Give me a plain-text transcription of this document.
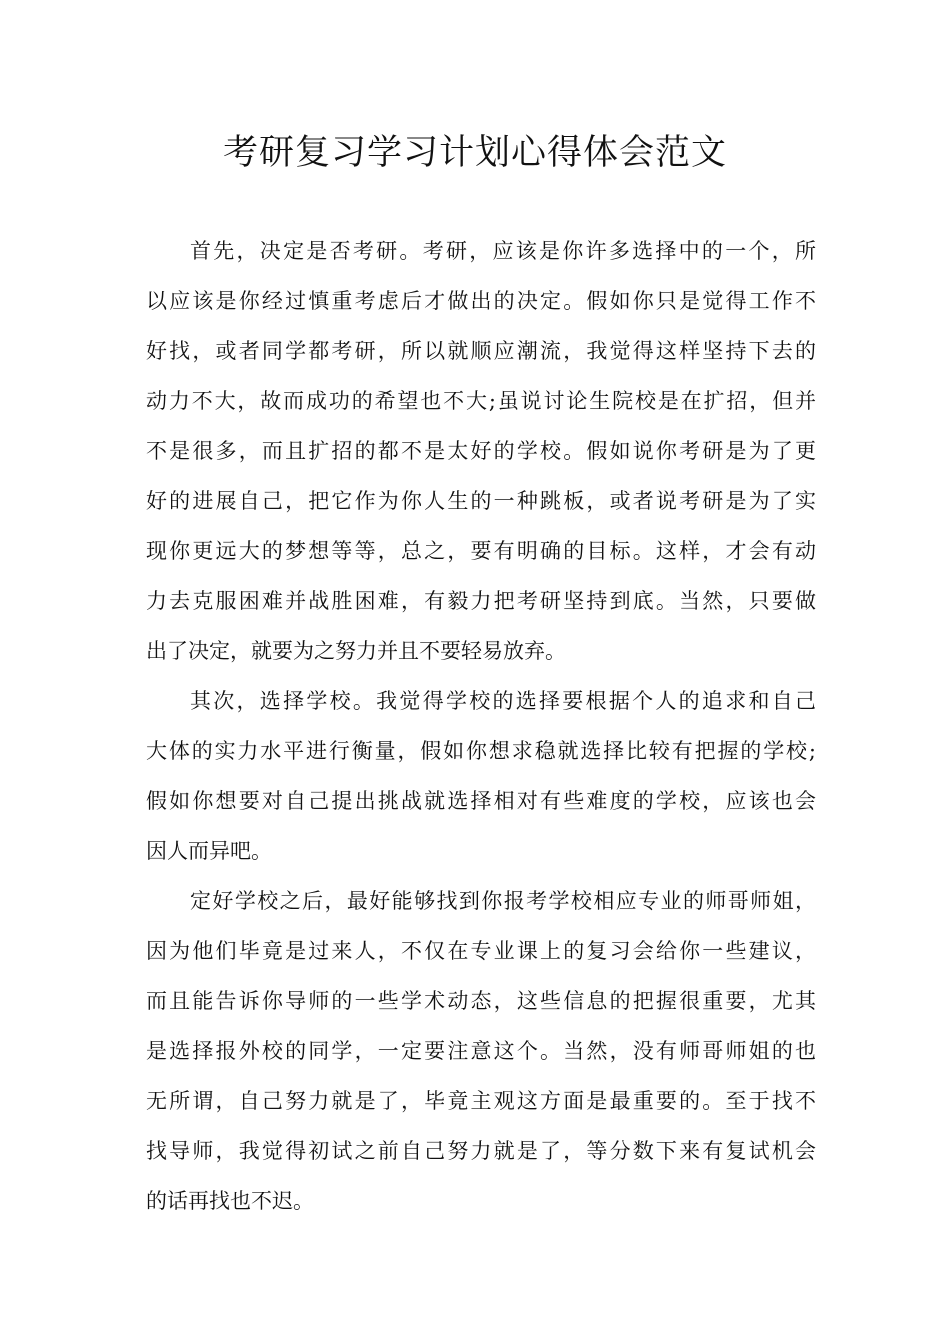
考研复习学习计划心得体会范文
首先，决定是否考研。考研，应该是你许多选择中的一个，所
以应该是你经过慎重考虑后才做出的决定。假如你只是觉得工作不
好找，或者同学都考研，所以就顺应潮流，我觉得这样坚持下去的
动力不大，故而成功的希望也不大;虽说讨论生院校是在扩招，但并
不是很多，而且扩招的都不是太好的学校。假如说你考研是为了更
好的进展自己，把它作为你人生的一种跳板，或者说考研是为了实
现你更远大的梦想等等，总之，要有明确的目标。这样，才会有动
力去克服困难并战胜困难，有毅力把考研坚持到底。当然，只要做
出了决定，就要为之努力并且不要轻易放弃。
其次，选择学校。我觉得学校的选择要根据个人的追求和自己
大体的实力水平进行衡量，假如你想求稳就选择比较有把握的学校;
假如你想要对自己提出挑战就选择相对有些难度的学校，应该也会
因人而异吧。
定好学校之后，最好能够找到你报考学校相应专业的师哥师姐，
因为他们毕竟是过来人，不仅在专业课上的复习会给你一些建议，
而且能告诉你导师的一些学术动态，这些信息的把握很重要，尤其
是选择报外校的同学，一定要注意这个。当然，没有师哥师姐的也
无所谓，自己努力就是了，毕竟主观这方面是最重要的。至于找不
找导师，我觉得初试之前自己努力就是了，等分数下来有复试机会
的话再找也不迟。
